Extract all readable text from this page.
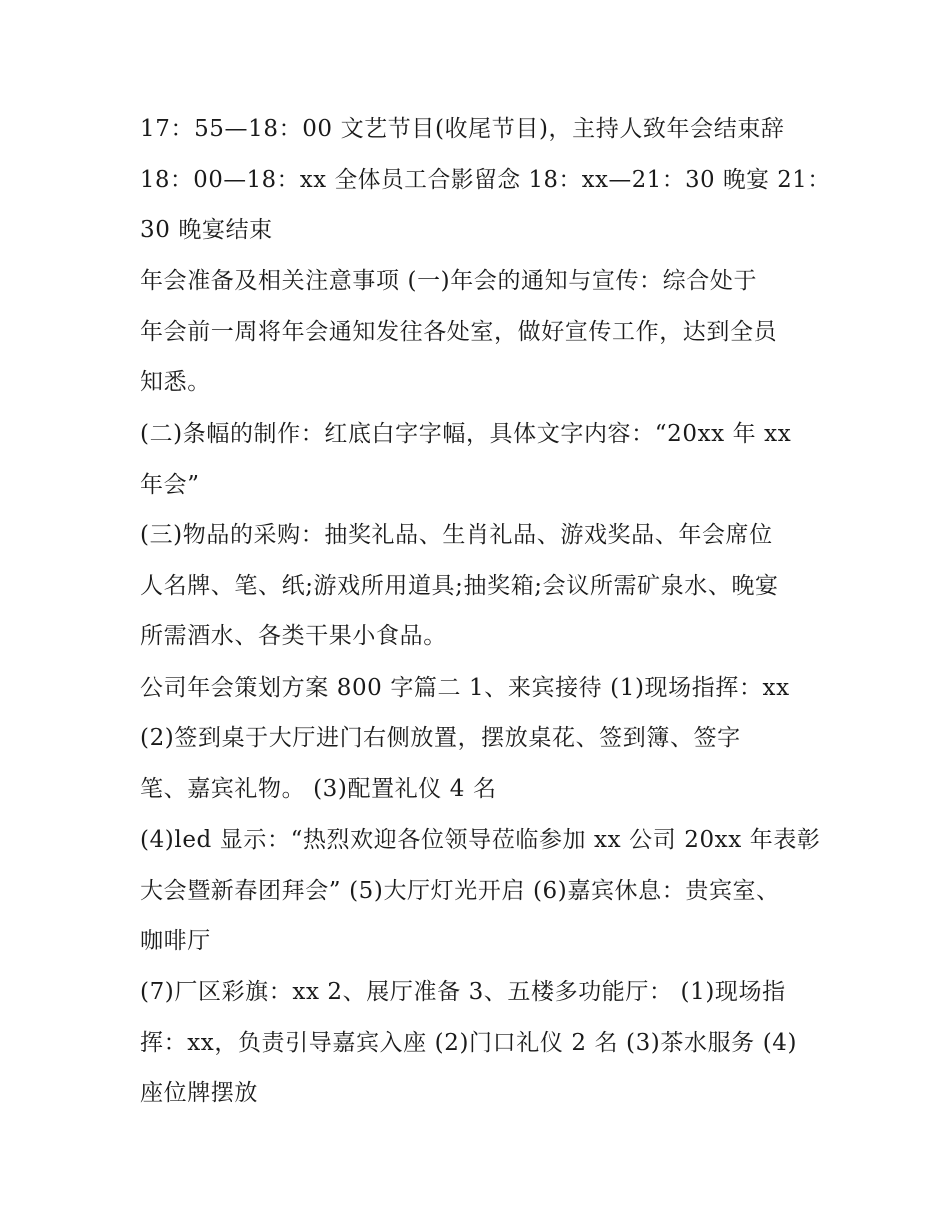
17：55—18：00 文艺节目(收尾节目)，主持人致年会结束辞
18：00—18：xx 全体员工合影留念 18：xx—21：30 晚宴 21：
30 晚宴结束
年会准备及相关注意事项 (一)年会的通知与宣传：综合处于
年会前一周将年会通知发往各处室，做好宣传工作，达到全员
知悉。
(二)条幅的制作：红底白字字幅，具体文字内容：“20xx 年 xx
年会”
(三)物品的采购：抽奖礼品、生肖礼品、游戏奖品、年会席位
人名牌、笔、纸;游戏所用道具;抽奖箱;会议所需矿泉水、晚宴
所需酒水、各类干果小食品。
公司年会策划方案 800 字篇二 1、来宾接待 (1)现场指挥：xx
(2)签到桌于大厅进门右侧放置，摆放桌花、签到簿、签字
笔、嘉宾礼物。 (3)配置礼仪 4 名
(4)led 显示：“热烈欢迎各位领导莅临参加 xx 公司 20xx 年表彰
大会暨新春团拜会” (5)大厅灯光开启 (6)嘉宾休息：贵宾室、
咖啡厅
(7)厂区彩旗：xx 2、展厅准备 3、五楼多功能厅： (1)现场指
挥：xx，负责引导嘉宾入座 (2)门口礼仪 2 名 (3)茶水服务 (4)
座位牌摆放
